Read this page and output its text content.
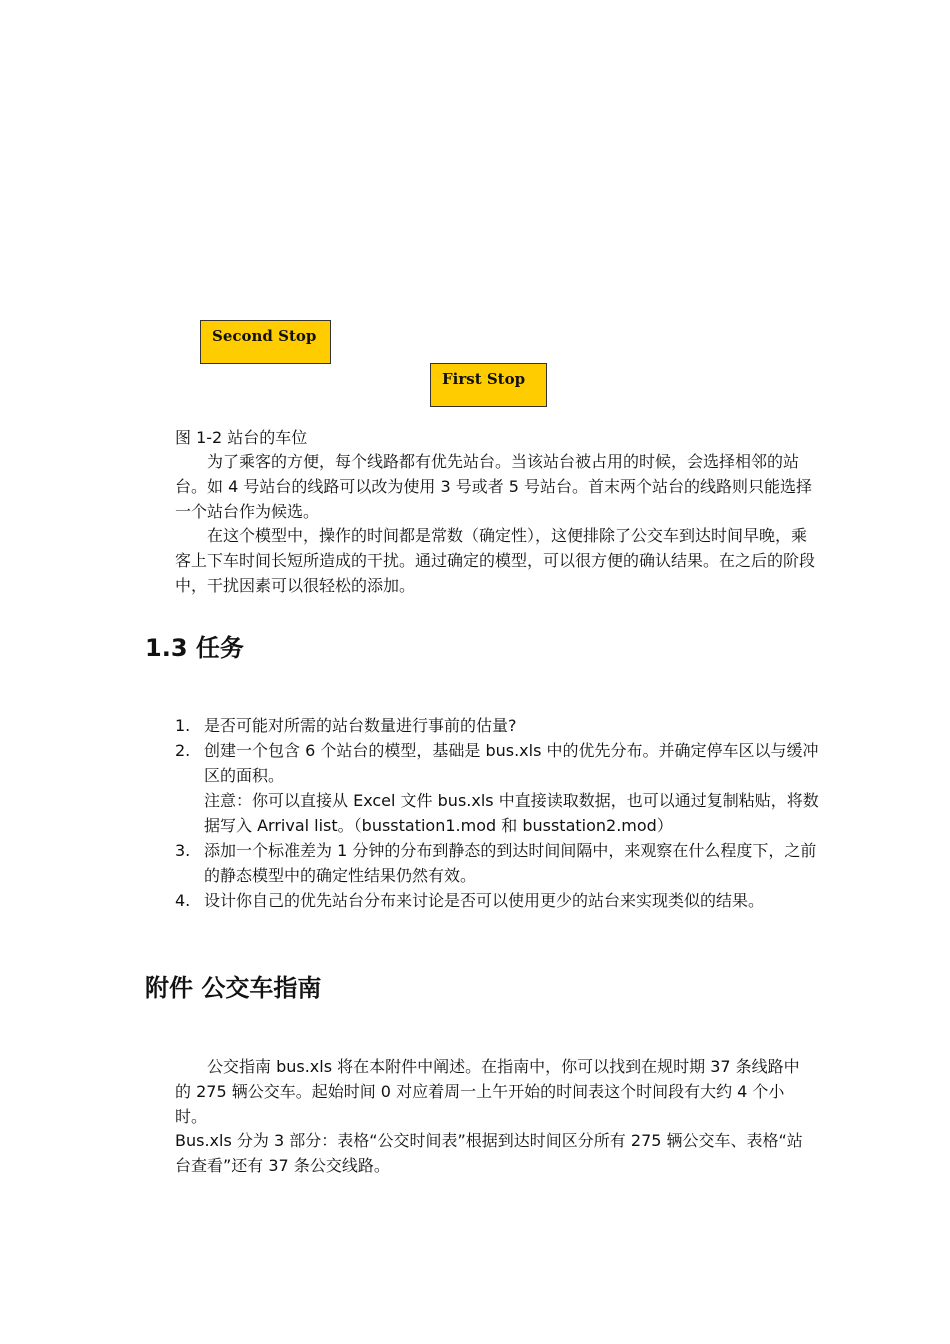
Second Stop
First Stop
图 1-2 站台的车位

为了乘客的方便，每个线路都有优先站台。当该站台被占用的时候，会选择相邻的站台。如 4 号站台的线路可以改为使用 3 号或者 5 号站台。首末两个站台的线路则只能选择一个站台作为候选。

在这个模型中，操作的时间都是常数（确定性），这便排除了公交车到达时间早晚，乘客上下车时间长短所造成的干扰。通过确定的模型，可以很方便的确认结果。在之后的阶段中，干扰因素可以很轻松的添加。

1.3 任务
1. 是否可能对所需的站台数量进行事前的估量?
2. 创建一个包含 6 个站台的模型，基础是 bus.xls 中的优先分布。并确定停车区以与缓冲区的面积。
注意：你可以直接从 Excel 文件 bus.xls 中直接读取数据，也可以通过复制粘贴，将数据写入 Arrival list。（busstation1.mod 和 busstation2.mod）
3. 添加一个标准差为 1 分钟的分布到静态的到达时间间隔中，来观察在什么程度下，之前的静态模型中的确定性结果仍然有效。
4. 设计你自己的优先站台分布来讨论是否可以使用更少的站台来实现类似的结果。
附件 公交车指南

公交指南 bus.xls 将在本附件中阐述。在指南中，你可以找到在规时期 37 条线路中的 275 辆公交车。起始时间 0 对应着周一上午开始的时间表这个时间段有大约 4 个小时。

Bus.xls 分为 3 部分：表格“公交时间表”根据到达时间区分所有 275 辆公交车、表格“站台查看”还有 37 条公交线路。
